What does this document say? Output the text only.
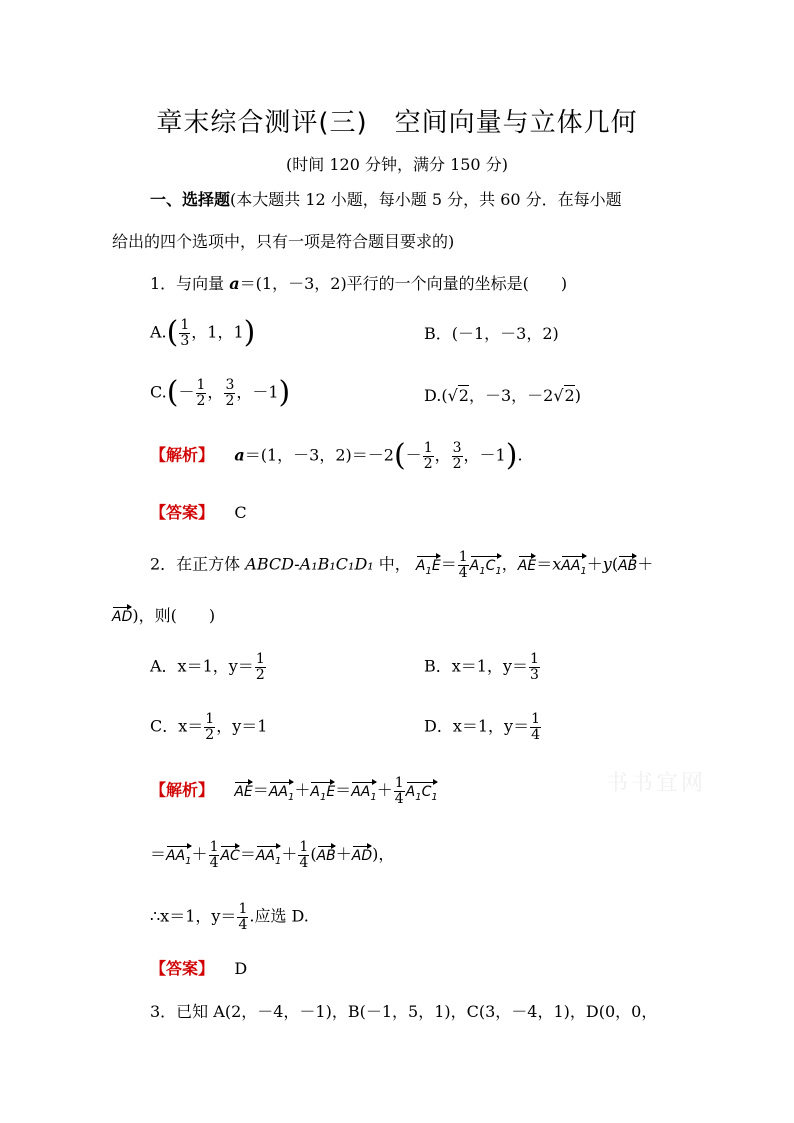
章末综合测评(三)　空间向量与立体几何
(时间 120 分钟，满分 150 分)
一、选择题(本大题共 12 小题，每小题 5 分，共 60 分．在每小题
给出的四个选项中，只有一项是符合题目要求的)
1．与向量 a＝(1，－3，2)平行的一个向量的坐标是(　　)
$A.( \frac{1}{3}$ ，1，1)	B．(－1，－3，2)
$C.(- \frac{1}{2}$ ， $\frac{3}{2}$ ，－1)	D.(√2，－3，－2√2)
【解析】 a＝(1，－3，$2)=-2(- \frac{1}{2}$ ， $\frac{3}{2}$ ，－1).
【答案】 C
2．在正方体 ABCD-A₁B₁C₁D₁ 中， $A_1E= \frac{1}{4} A_1C_1$，AE＝xAA$_1$＋y(AB＋
AD)，则(　　)
A．x＝1，$y= \frac{1}{2}$	B．x＝1，$y= \frac{1}{3}$
C．$x= \frac{1}{2}$ ，y＝1	D．x＝1，$y= \frac{1}{4}$
【解析】 $AE=AA_1+A_1E=AA_1+ \frac{1}{4} A_1C_1$
$=AA_1+ \frac{1}{4} AC=AA_1+ \frac{1}{4} (AB+AD)$，
∴x＝1，$y= \frac{1}{4}$ .应选 D.
【答案】 D
3．已知 A(2，－4，－1)，B(－1，5，1)，C(3，－4，1)，D(0，0，
书书宜网
